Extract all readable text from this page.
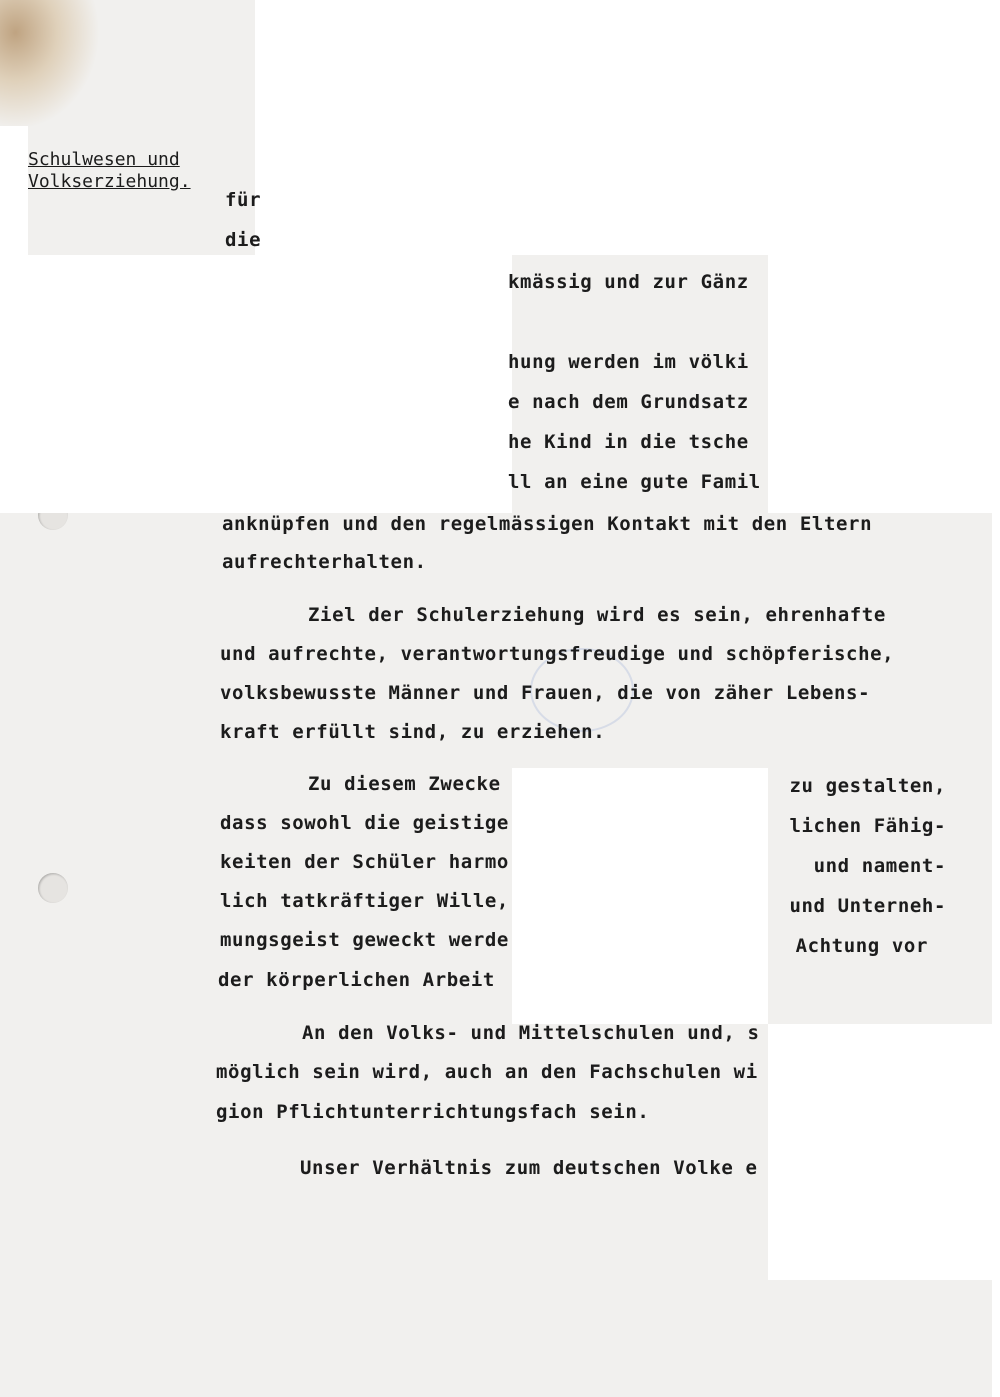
Schulwesen und
Volkserziehung.
für
die
kmässig und zur Gänz
hung werden im völki
e nach dem Grundsatz
he Kind in die tsche
ll an eine gute Famil
anknüpfen und den regelmässigen Kontakt mit den Eltern
aufrechterhalten.
Ziel der Schulerziehung wird es sein, ehrenhafte
und aufrechte, verantwortungsfreudige und schöpferische,
volksbewusste Männer und Frauen, die von zäher Lebens-
kraft erfüllt sind, zu erziehen.
Zu diesem Zwecke
dass sowohl die geistige
keiten der Schüler harmo
lich tatkräftiger Wille,
mungsgeist geweckt werde
der körperlichen Arbeit
zu gestalten,
lichen Fähig-
und nament-
und Unterneh-
Achtung vor
An den Volks- und Mittelschulen und, s
möglich sein wird, auch an den Fachschulen wi
gion Pflichtunterrichtungsfach sein.
Unser Verhältnis zum deutschen Volke e
